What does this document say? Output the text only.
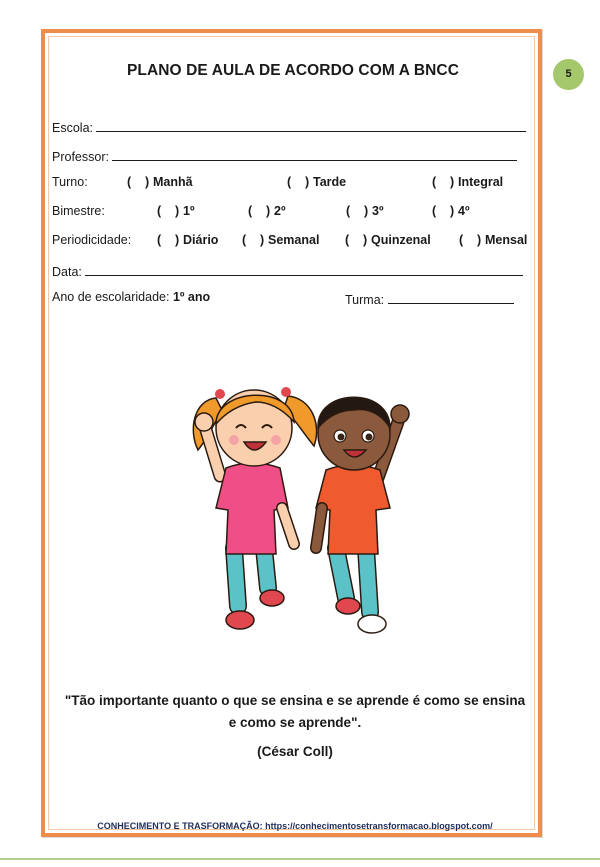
5
PLANO DE AULA DE ACORDO COM A BNCC
Escola:
Professor:
Turno:	(    ) Manhã	(    ) Tarde	(    ) Integral
Bimestre:	(    ) 1º	(    ) 2º	(    ) 3º	(    ) 4º
Periodicidade: (    ) Diário (    ) Semanal (    ) Quinzenal (    ) Mensal
Data:
Ano de escolaridade: 1º ano	Turma:
"Tão importante quanto o que se ensina e se aprende é como se ensina
e como se aprende".
(César Coll)
CONHECIMENTO E TRASFORMAÇÃO: https://conhecimentosetransformacao.blogspot.com/
